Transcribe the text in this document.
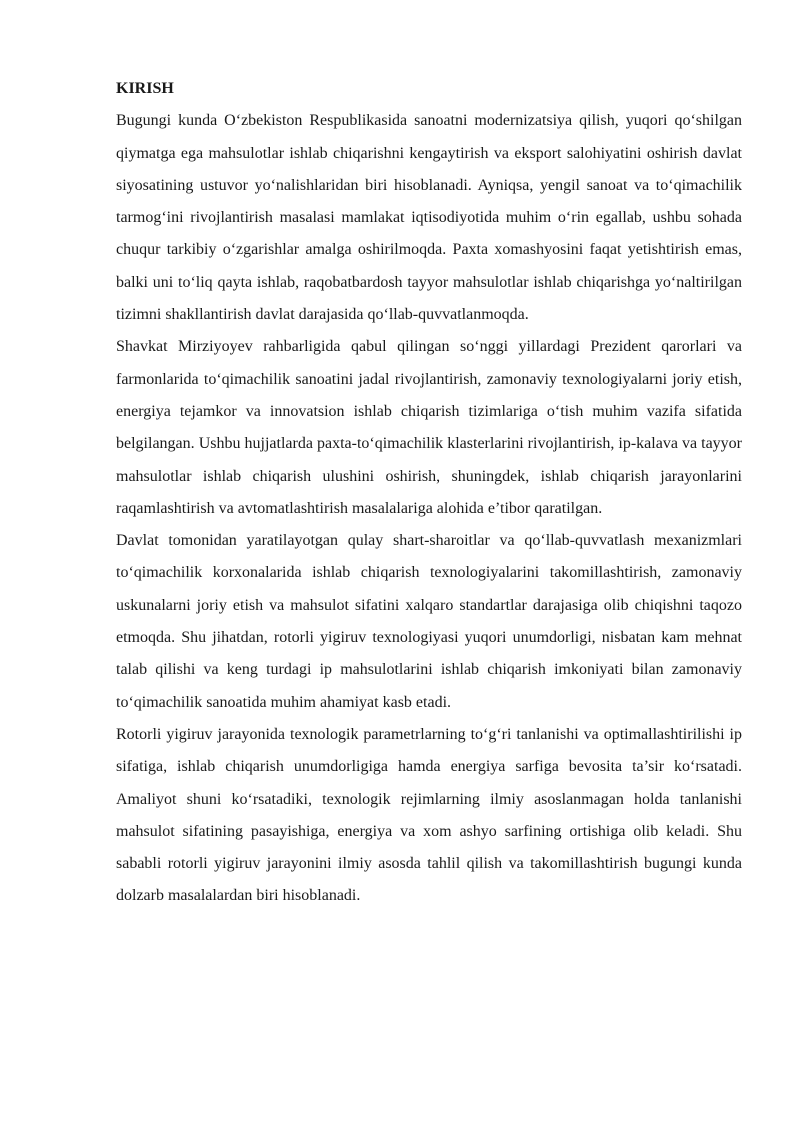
KIRISH

Bugungi kunda O‘zbekiston Respublikasida sanoatni modernizatsiya qilish, yuqori qo‘shilgan qiymatga ega mahsulotlar ishlab chiqarishni kengaytirish va eksport salohiyatini oshirish davlat siyosatining ustuvor yo‘nalishlaridan biri hisoblanadi. Ayniqsa, yengil sanoat va to‘qimachilik tarmog‘ini rivojlantirish masalasi mamlakat iqtisodiyotida muhim o‘rin egallab, ushbu sohada chuqur tarkibiy o‘zgarishlar amalga oshirilmoqda. Paxta xomashyosini faqat yetishtirish emas, balki uni to‘liq qayta ishlab, raqobatbardosh tayyor mahsulotlar ishlab chiqarishga yo‘naltirilgan tizimni shakllantirish davlat darajasida qo‘llab-quvvatlanmoqda.

Shavkat Mirziyoyev rahbarligida qabul qilingan so‘nggi yillardagi Prezident qarorlari va farmonlarida to‘qimachilik sanoatini jadal rivojlantirish, zamonaviy texnologiyalarni joriy etish, energiya tejamkor va innovatsion ishlab chiqarish tizimlariga o‘tish muhim vazifa sifatida belgilangan. Ushbu hujjatlarda paxta-to‘qimachilik klasterlarini rivojlantirish, ip-kalava va tayyor mahsulotlar ishlab chiqarish ulushini oshirish, shuningdek, ishlab chiqarish jarayonlarini raqamlashtirish va avtomatlashtirish masalalariga alohida e’tibor qaratilgan.

Davlat tomonidan yaratilayotgan qulay shart-sharoitlar va qo‘llab-quvvatlash mexanizmlari to‘qimachilik korxonalarida ishlab chiqarish texnologiyalarini takomillashtirish, zamonaviy uskunalarni joriy etish va mahsulot sifatini xalqaro standartlar darajasiga olib chiqishni taqozo etmoqda. Shu jihatdan, rotorli yigiruv texnologiyasi yuqori unumdorligi, nisbatan kam mehnat talab qilishi va keng turdagi ip mahsulotlarini ishlab chiqarish imkoniyati bilan zamonaviy to‘qimachilik sanoatida muhim ahamiyat kasb etadi.

Rotorli yigiruv jarayonida texnologik parametrlarning to‘g‘ri tanlanishi va optimallashtirilishi ip sifatiga, ishlab chiqarish unumdorligiga hamda energiya sarfiga bevosita ta’sir ko‘rsatadi. Amaliyot shuni ko‘rsatadiki, texnologik rejimlarning ilmiy asoslanmagan holda tanlanishi mahsulot sifatining pasayishiga, energiya va xom ashyo sarfining ortishiga olib keladi. Shu sababli rotorli yigiruv jarayonini ilmiy asosda tahlil qilish va takomillashtirish bugungi kunda dolzarb masalalardan biri hisoblanadi.
